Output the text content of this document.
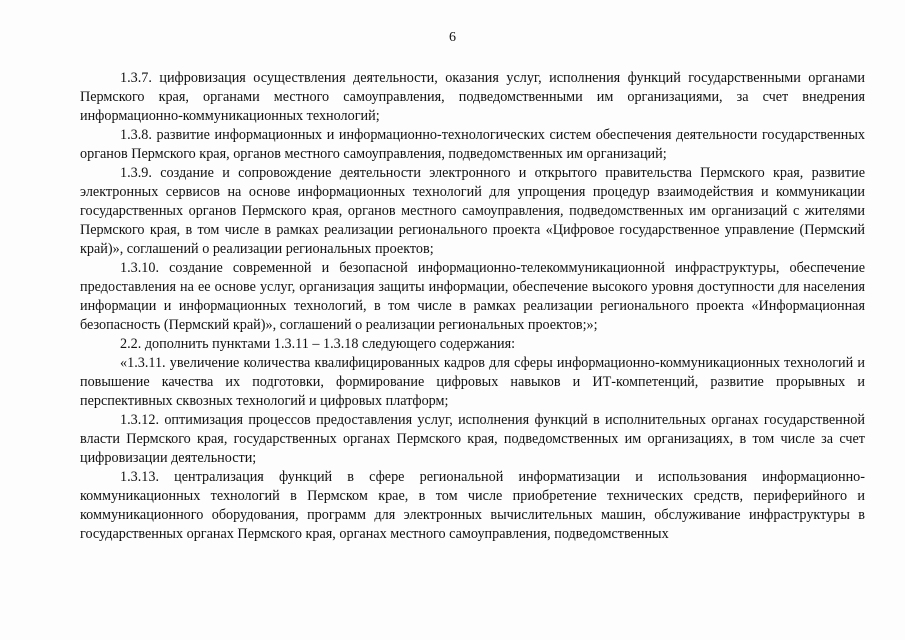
6

1.3.7. цифровизация осуществления деятельности, оказания услуг, исполнения функций государственными органами Пермского края, органами местного самоуправления, подведомственными им организациями, за счет внедрения информационно-коммуникационных технологий;

1.3.8. развитие информационных и информационно-технологических систем обеспечения деятельности государственных органов Пермского края, органов местного самоуправления, подведомственных им организаций;

1.3.9. создание и сопровождение деятельности электронного и открытого правительства Пермского края, развитие электронных сервисов на основе информационных технологий для упрощения процедур взаимодействия и коммуникации государственных органов Пермского края, органов местного самоуправления, подведомственных им организаций с жителями Пермского края, в том числе в рамках реализации регионального проекта «Цифровое государственное управление (Пермский край)», соглашений о реализации региональных проектов;

1.3.10. создание современной и безопасной информационно-телекоммуникационной инфраструктуры, обеспечение предоставления на ее основе услуг, организация защиты информации, обеспечение высокого уровня доступности для населения информации и информационных технологий, в том числе в рамках реализации регионального проекта «Информационная безопасность (Пермский край)», соглашений о реализации региональных проектов;»;

2.2. дополнить пунктами 1.3.11 – 1.3.18 следующего содержания:

«1.3.11. увеличение количества квалифицированных кадров для сферы информационно-коммуникационных технологий и повышение качества их подготовки, формирование цифровых навыков и ИТ-компетенций, развитие прорывных и перспективных сквозных технологий и цифровых платформ;

1.3.12. оптимизация процессов предоставления услуг, исполнения функций в исполнительных органах государственной власти Пермского края, государственных органах Пермского края, подведомственных им организациях, в том числе за счет цифровизации деятельности;

1.3.13. централизация функций в сфере региональной информатизации и использования информационно-коммуникационных технологий в Пермском крае, в том числе приобретение технических средств, периферийного и коммуникационного оборудования, программ для электронных вычислительных машин, обслуживание инфраструктуры в государственных органах Пермского края, органах местного самоуправления, подведомственных
